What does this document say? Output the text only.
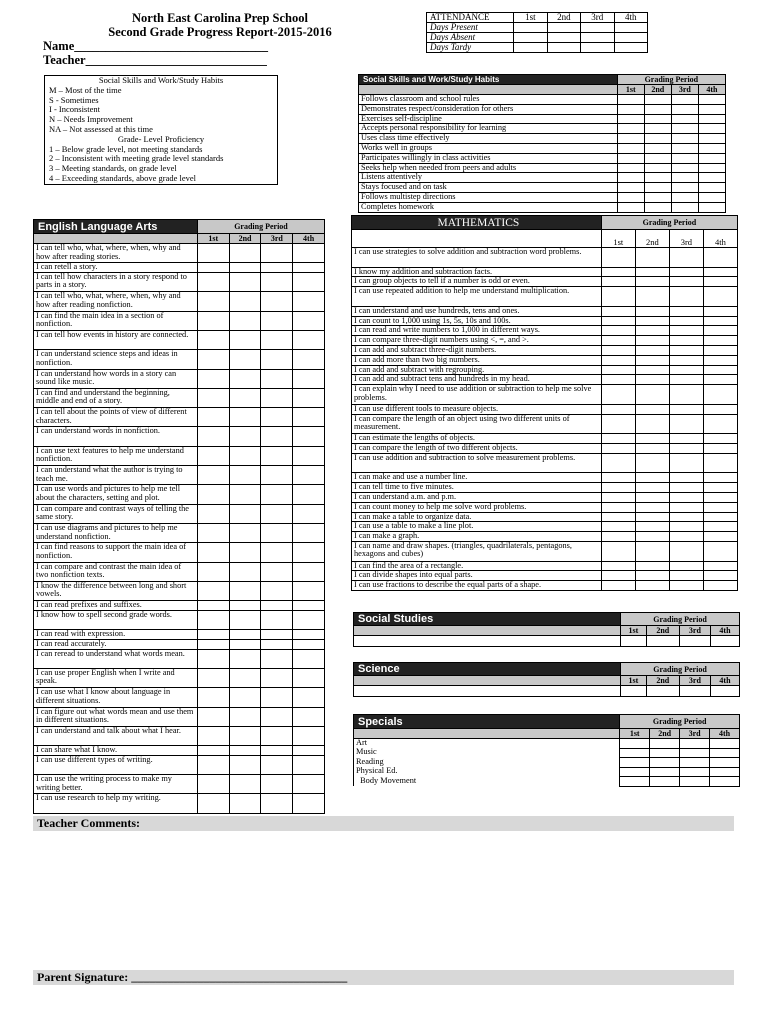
North East Carolina Prep School
Second Grade Progress Report-2015-2016
Name_______________________________
Teacher_____________________________
ATTENDANCE	1st	2nd	3rd	4th
Days Present				
Days Absent				
Days Tardy				
Social Skills and Work/Study Habits
M – Most of the time
S - Sometimes
I - Inconsistent
N – Needs Improvement
NA – Not assessed at this time
Grade- Level Proficiency
1 – Below grade level, not meeting standards
2 – Inconsistent with meeting grade level standards
3 – Meeting standards, on grade level
4 – Exceeding standards, above grade level
Social Skills and Work/Study Habits	Grading Period			
	1st	2nd	3rd	4th
Follows classroom and school rules				
Demonstrates respect/consideration for others				
Exercises self-discipline				
Accepts personal responsibility for learning				
Uses class time effectively				
Works well in groups				
Participates willingly in class activities				
Seeks help when needed from peers and adults				
Listens attentively				
Stays focused and on task				
Follows multistep directions				
Completes homework				
English Language Arts	Grading Period			
	1st	2nd	3rd	4th
I can tell who, what, where, when, why and how after reading stories.				
I can retell a story.				
I can tell how characters in a story respond to parts in a story.				
I can tell who, what, where, when, why and how after reading nonfiction.				
I can find the main idea in a section of nonfiction.				
I can tell how events in history are connected.				
I can understand science steps and ideas in nonfiction.				
I can understand how words in a story can sound like music.				
I can find and understand the beginning, middle and end of a story.				
I can tell about the points of view of different characters.				
I can understand words in nonfiction.				
I can use text features to help me understand nonfiction.				
I can understand what the author is trying to teach me.				
I can use words and pictures to help me tell about the characters, setting and plot.				
I can compare and contrast ways of telling the same story.				
I can use diagrams and pictures to help me understand nonfiction.				
I can find reasons to support the main idea of nonfiction.				
I can compare and contrast the main idea of two nonfiction texts.				
I know the difference between long and short vowels.				
I can read prefixes and suffixes.				
I know how to spell second grade words.				
I can read with expression.				
I can read accurately.				
I can reread to understand what words mean.				
I can use proper English when I write and speak.				
I can use what I know about language in different situations.				
I can figure out what words mean and use them in different situations.				
I can understand and talk about what I hear.				
I can share what I know.				
I can use different types of writing.				
I can use the writing process to make my writing better.				
I can use research to help my writing.				
MATHEMATICS	Grading Period			
	1st	2nd	3rd	4th
I can use strategies to solve addition and subtraction word problems.				
I know my addition and subtraction facts.				
I can group objects to tell if a number is odd or even.				
I can use repeated addition to help me understand multiplication.				
I can understand and use hundreds, tens and ones.				
I can count to 1,000 using 1s, 5s, 10s and 100s.				
I can read and write numbers to 1,000 in different ways.				
I can compare three-digit numbers using <, =, and >.				
I can add and subtract three-digit numbers.				
I can add more than two big numbers.				
I can add and subtract with regrouping.				
I can add and subtract tens and hundreds in my head.				
I can explain why I need to use addition or subtraction to help me solve problems.				
I can use different tools to measure objects.				
I can compare the length of an object using two different units of measurement.				
I can estimate the lengths of objects.				
I can compare the length of two different objects.				
I can use addition and subtraction to solve measurement problems.				
I can make and use a number line.				
I can tell time to five minutes.				
I can understand a.m. and p.m.				
I can count money to help me solve word problems.				
I can make a table to organize data.				
I can use a table to make a line plot.				
I can make a graph.				
I can name and draw shapes. (triangles, quadrilaterals, pentagons, hexagons and cubes)				
I can find the area of a rectangle.				
I can divide shapes into equal parts.				
I can use fractions to describe the equal parts of a shape.				
Social Studies	Grading Period			
	1st	2nd	3rd	4th

Science	Grading Period			
	1st	2nd	3rd	4th

Specials	Grading Period			
	1st	2nd	3rd	4th
Art				
Music				
Reading				
Physical Ed.				
Body Movement				
Teacher Comments:
Parent Signature: ____________________________________
